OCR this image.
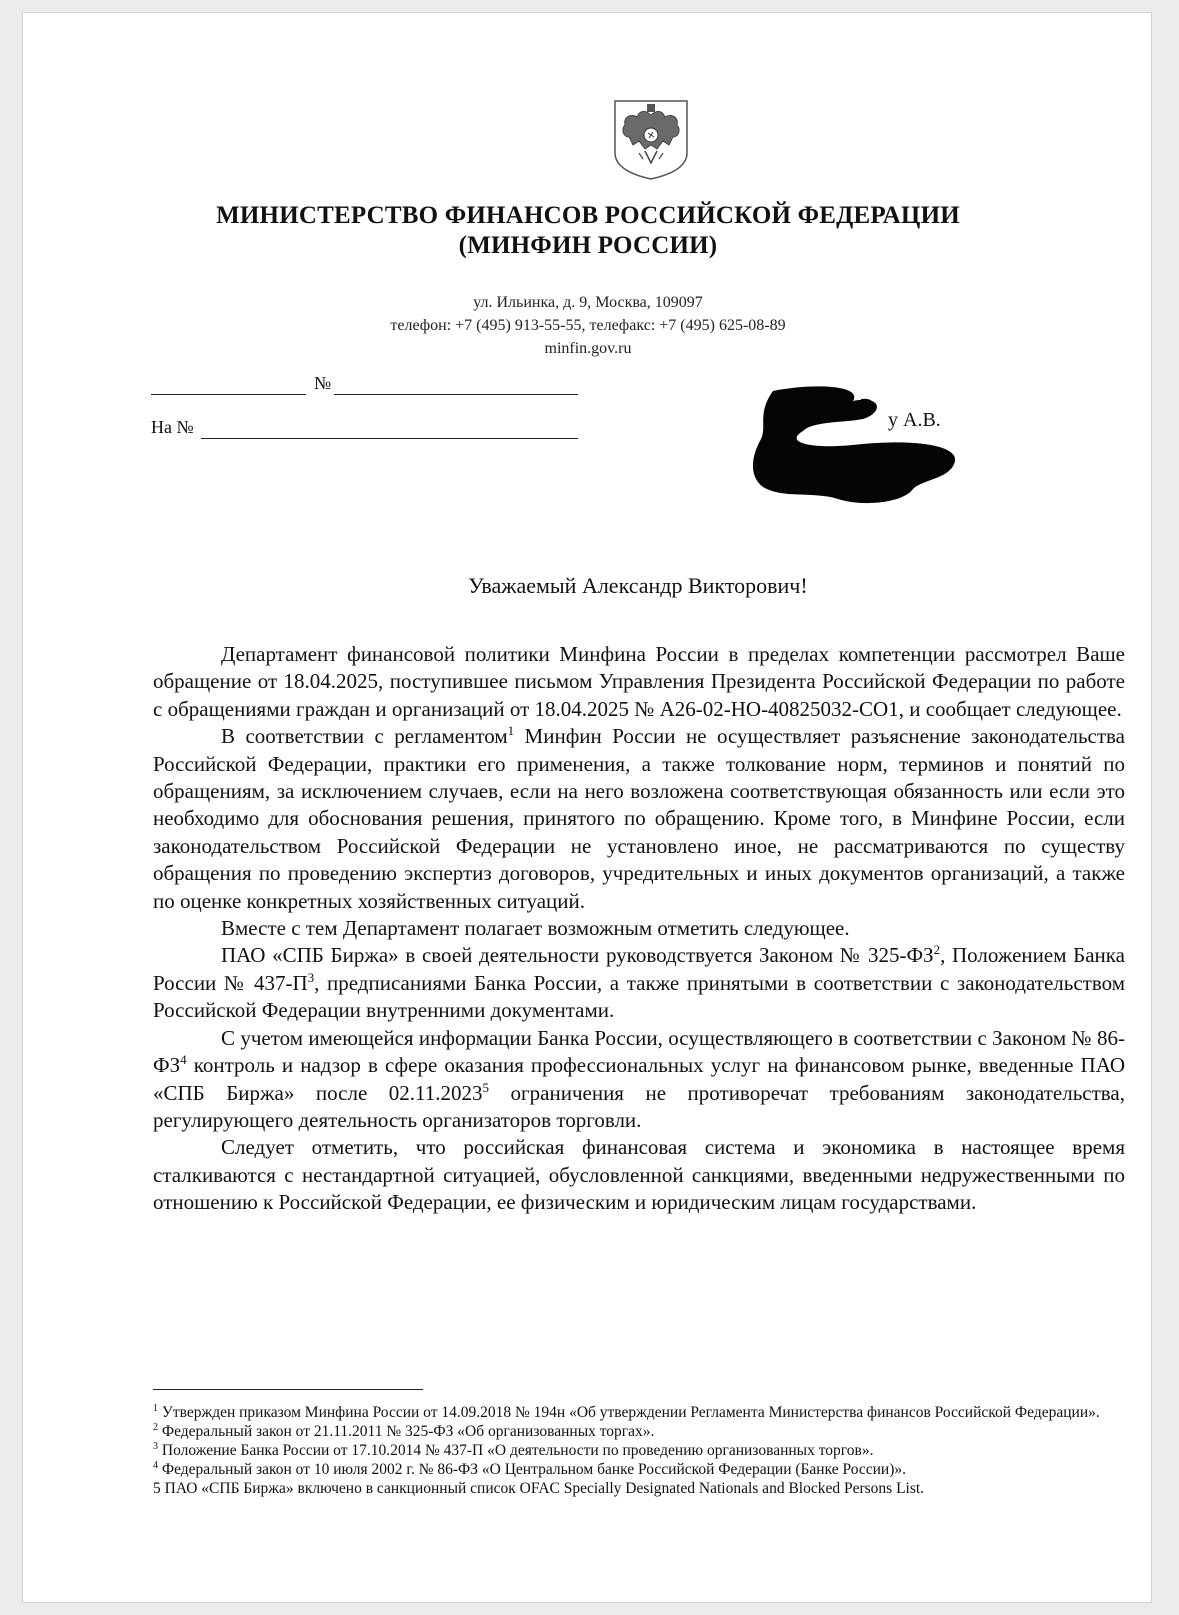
МИНИСТЕРСТВО ФИНАНСОВ РОССИЙСКОЙ ФЕДЕРАЦИИ
(МИНФИН РОССИИ)
ул. Ильинка, д. 9, Москва, 109097
телефон: +7 (495) 913-55-55, телефакс: +7 (495) 625-08-89
minfin.gov.ru
№
На №	у А.В.
Уважаемый Александр Викторович!

Департамент финансовой политики Минфина России в пределах компетенции рассмотрел Ваше обращение от 18.04.2025, поступившее письмом Управления Президента Российской Федерации по работе с обращениями граждан и организаций от 18.04.2025 № А26-02-НО-40825032-СО1, и сообщает следующее.

В соответствии с регламентом$^1$ Минфин России не осуществляет разъяснение законодательства Российской Федерации, практики его применения, а также толкование норм, терминов и понятий по обращениям, за исключением случаев, если на него возложена соответствующая обязанность или если это необходимо для обоснования решения, принятого по обращению. Кроме того, в Минфине России, если законодательством Российской Федерации не установлено иное, не рассматриваются по существу обращения по проведению экспертиз договоров, учредительных и иных документов организаций, а также по оценке конкретных хозяйственных ситуаций.

Вместе с тем Департамент полагает возможным отметить следующее.

ПАО «СПБ Биржа» в своей деятельности руководствуется Законом № $325-ФЗ^2$, Положением Банка России № $437-П^3$, предписаниями Банка России, а также принятыми в соответствии с законодательством Российской Федерации внутренними документами.

С учетом имеющейся информации Банка России, осуществляющего в соответствии с Законом № $86-ФЗ^4$ контроль и надзор в сфере оказания профессиональных услуг на финансовом рынке, введенные ПАО «СПБ Биржа» после 02.11.2023$^5$ ограничения не противоречат требованиям законодательства, регулирующего деятельность организаторов торговли.

Следует отметить, что российская финансовая система и экономика в настоящее время сталкиваются с нестандартной ситуацией, обусловленной санкциями, введенными недружественными по отношению к Российской Федерации, ее физическим и юридическим лицам государствами.

$^1$ Утвержден приказом Минфина России от 14.09.2018 № 194н «Об утверждении Регламента Министерства финансов Российской Федерации».
$^2$ Федеральный закон от 21.11.2011 № 325-ФЗ «Об организованных торгах».
$^3$ Положение Банка России от 17.10.2014 № 437-П «О деятельности по проведению организованных торгов».
$^4$ Федеральный закон от 10 июля 2002 г. № 86-ФЗ «О Центральном банке Российской Федерации (Банке России)».
5 ПАО «СПБ Биржа» включено в санкционный список OFAC Specially Designated Nationals and Blocked Persons List.
